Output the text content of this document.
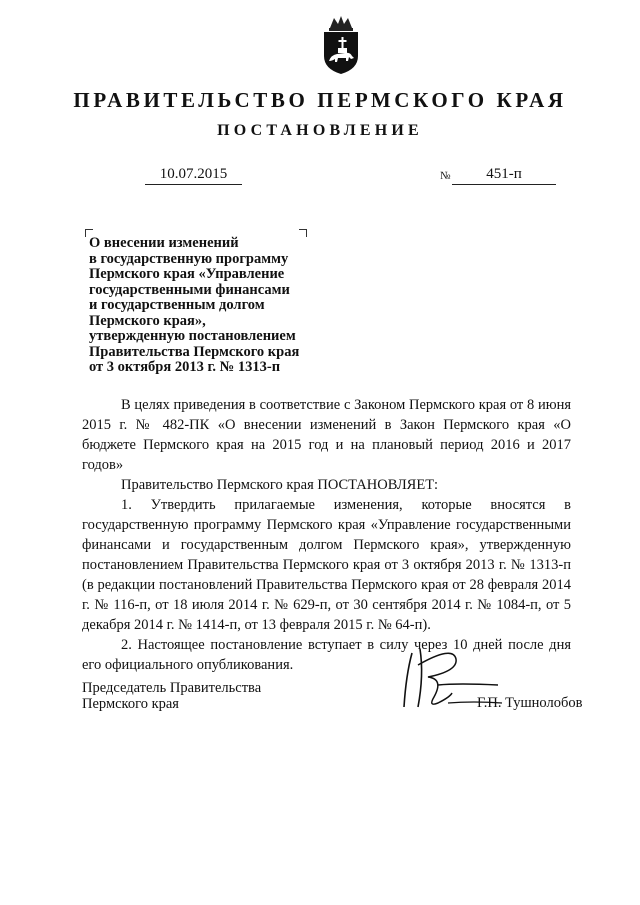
ПРАВИТЕЛЬСТВО ПЕРМСКОГО КРАЯ
ПОСТАНОВЛЕНИЕ
10.07.2015	№	451-п

О внесении изменений
в государственную программу
Пермского края «Управление
государственными финансами
и государственным долгом
Пермского края»,
утвержденную постановлением
Правительства Пермского края
от 3 октября 2013 г. № 1313-п

В целях приведения в соответствие с Законом Пермского края от 8 июня 2015 г. № 482-ПК «О внесении изменений в Закон Пермского края «О бюджете Пермского края на 2015 год и на плановый период 2016 и 2017 годов»

Правительство Пермского края ПОСТАНОВЛЯЕТ:

1. Утвердить прилагаемые изменения, которые вносятся в государственную программу Пермского края «Управление государственными финансами и государственным долгом Пермского края», утвержденную постановлением Правительства Пермского края от 3 октября 2013 г. № 1313-п (в редакции постановлений Правительства Пермского края от 28 февраля 2014 г. № 116-п, от 18 июля 2014 г. № 629-п, от 30 сентября 2014 г. № 1084-п, от 5 декабря 2014 г. № 1414-п, от 13 февраля 2015 г. № 64-п).

2. Настоящее постановление вступает в силу через 10 дней после дня его официального опубликования.

Председатель Правительства
Пермского края	Г.П. Тушнолобов
